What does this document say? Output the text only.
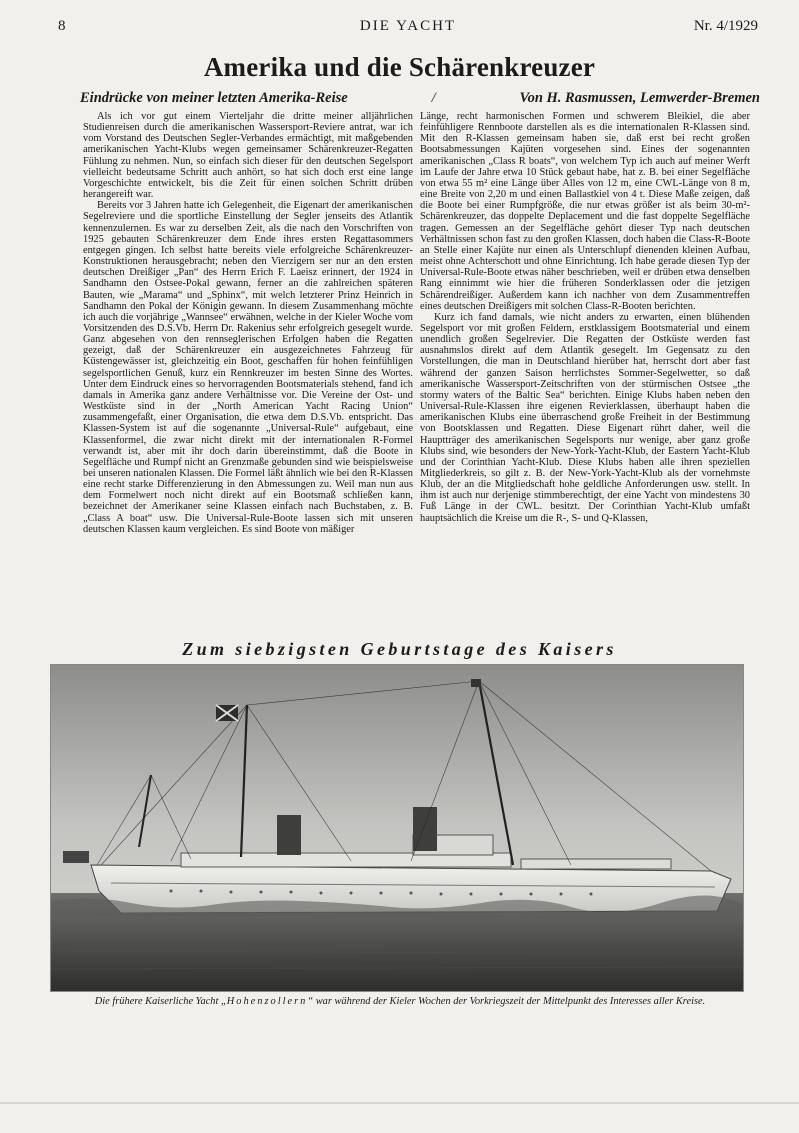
8	DIE YACHT	Nr. 4/1929
Amerika und die Schärenkreuzer
Eindrücke von meiner letzten Amerika-Reise	/	Von H. Rasmussen, Lemwerder-Bremen

Als ich vor gut einem Vierteljahr die dritte meiner alljährlichen Studienreisen durch die amerikanischen Wassersport-Reviere antrat, war ich vom Vorstand des Deutschen Segler-Verbandes ermächtigt, mit maßgebenden amerikanischen Yacht-Klubs wegen gemeinsamer Schärenkreuzer-Regatten Fühlung zu nehmen. Nun, so einfach sich dieser für den deutschen Segelsport vielleicht bedeutsame Schritt auch anhört, so hat sich doch erst eine lange Vorgeschichte entwickelt, bis die Zeit für einen solchen Schritt drüben herangereift war.

Bereits vor 3 Jahren hatte ich Gelegenheit, die Eigenart der amerikanischen Segelreviere und die sportliche Einstellung der Segler jenseits des Atlantik kennenzulernen. Es war zu derselben Zeit, als die nach den Vorschriften von 1925 gebauten Schärenkreuzer dem Ende ihres ersten Regattasommers entgegen gingen. Ich selbst hatte bereits viele erfolgreiche Schärenkreuzer-Konstruktionen herausgebracht; neben den Vierzigern ser nur an den ersten deutschen Dreißiger „Pan“ des Herrn Erich F. Laeisz erinnert, der 1924 in Sandhamn den Ostsee-Pokal gewann, ferner an die zahlreichen späteren Bauten, wie „Marama“ und „Sphinx“, mit welch letzterer Prinz Heinrich in Sandhamn den Pokal der Königin gewann. In diesem Zusammenhang möchte ich auch die vorjährige „Wannsee“ erwähnen, welche in der Kieler Woche vom Vorsitzenden des D.S.Vb. Herrn Dr. Rakenius sehr erfolgreich gesegelt wurde. Ganz abgesehen von den rennseglerischen Erfolgen haben die Regatten gezeigt, daß der Schärenkreuzer ein ausgezeichnetes Fahrzeug für Küstengewässer ist, gleichzeitig ein Boot, geschaffen für hohen feinfühligen segelsportlichen Genuß, kurz ein Rennkreuzer im besten Sinne des Wortes. Unter dem Eindruck eines so hervorragenden Bootsmaterials stehend, fand ich damals in Amerika ganz andere Verhältnisse vor. Die Vereine der Ost- und Westküste sind in der „North American Yacht Racing Union“ zusammengefaßt, einer Organisation, die etwa dem D.S.Vb. entspricht. Das Klassen-System ist auf die sogenannte „Universal-Rule“ aufgebaut, eine Klassenformel, die zwar nicht direkt mit der internationalen R-Formel verwandt ist, aber mit ihr doch darin übereinstimmt, daß die Boote in Segelfläche und Rumpf nicht an Grenzmaße gebunden sind wie beispielsweise bei unseren nationalen Klassen. Die Formel läßt ähnlich wie bei den R-Klassen eine recht starke Differenzierung in den Abmessungen zu. Weil man nun aus dem Formelwert noch nicht direkt auf ein Bootsmaß schließen kann, bezeichnet der Amerikaner seine Klassen einfach nach Buchstaben, z. B. „Class A boat“ usw. Die Universal-Rule-Boote lassen sich mit unseren deutschen Klassen kaum vergleichen. Es sind Boote von mäßiger

Länge, recht harmonischen Formen und schwerem Bleikiel, die aber feinfühligere Rennboote darstellen als es die internationalen R-Klassen sind. Mit den R-Klassen gemeinsam haben sie, daß erst bei recht großen Bootsabmessungen Kajüten vorgesehen sind. Eines der sogenannten amerikanischen „Class R boats“, von welchem Typ ich auch auf meiner Werft im Laufe der Jahre etwa 10 Stück gebaut habe, hat z. B. bei einer Segelfläche von etwa 55 m² eine Länge über Alles von 12 m, eine CWL-Länge von 8 m, eine Breite von 2,20 m und einen Ballastkiel von 4 t. Diese Maße zeigen, daß die Boote bei einer Rumpfgröße, die nur etwas größer ist als beim 30-m²-Schärenkreuzer, das doppelte Deplacement und die fast doppelte Segelfläche tragen. Gemessen an der Segelfläche gehört dieser Typ nach deutschen Verhältnissen schon fast zu den großen Klassen, doch haben die Class-R-Boote an Stelle einer Kajüte nur einen als Unterschlupf dienenden kleinen Aufbau, meist ohne Achterschott und ohne Einrichtung. Ich habe gerade diesen Typ der Universal-Rule-Boote etwas näher beschrieben, weil er drüben etwa denselben Rang einnimmt wie hier die früheren Sonderklassen oder die jetzigen Schärendreißiger. Außerdem kann ich nachher von dem Zusammentreffen eines deutschen Dreißigers mit solchen Class-R-Booten berichten.

Kurz ich fand damals, wie nicht anders zu erwarten, einen blühenden Segelsport vor mit großen Feldern, erstklassigem Bootsmaterial und einem unendlich großen Segelrevier. Die Regatten der Ostküste werden fast ausnahmslos direkt auf dem Atlantik gesegelt. Im Gegensatz zu den Vorstellungen, die man in Deutschland hierüber hat, herrscht dort aber fast während der ganzen Saison herrlichstes Sommer-Segelwetter, so daß amerikanische Wassersport-Zeitschriften von der stürmischen Ostsee „the stormy waters of the Baltic Sea“ berichten. Einige Klubs haben neben den Universal-Rule-Klassen ihre eigenen Revierklassen, überhaupt haben die amerikanischen Klubs eine überraschend große Freiheit in der Bestimmung von Bootsklassen und Regatten. Diese Eigenart rührt daher, weil die Hauptträger des amerikanischen Segelsports nur wenige, aber ganz große Klubs sind, wie besonders der New-York-Yacht-Klub, der Eastern Yacht-Klub und der Corinthian Yacht-Klub. Diese Klubs haben alle ihren speziellen Mitgliederkreis, so gilt z. B. der New-York-Yacht-Klub als der vornehmste Klub, der an die Mitgliedschaft hohe geldliche Anforderungen usw. stellt. In ihm ist auch nur derjenige stimmberechtigt, der eine Yacht von mindestens 30 Fuß Länge in der CWL. besitzt. Der Corinthian Yacht-Klub umfaßt hauptsächlich die Kreise um die R-, S- und Q-Klassen,

Zum siebzigsten Geburtstage des Kaisers
Die frühere Kaiserliche Yacht „Hohenzollern“ war während der Kieler Wochen der Vorkriegszeit der Mittelpunkt des Interesses aller Kreise.
